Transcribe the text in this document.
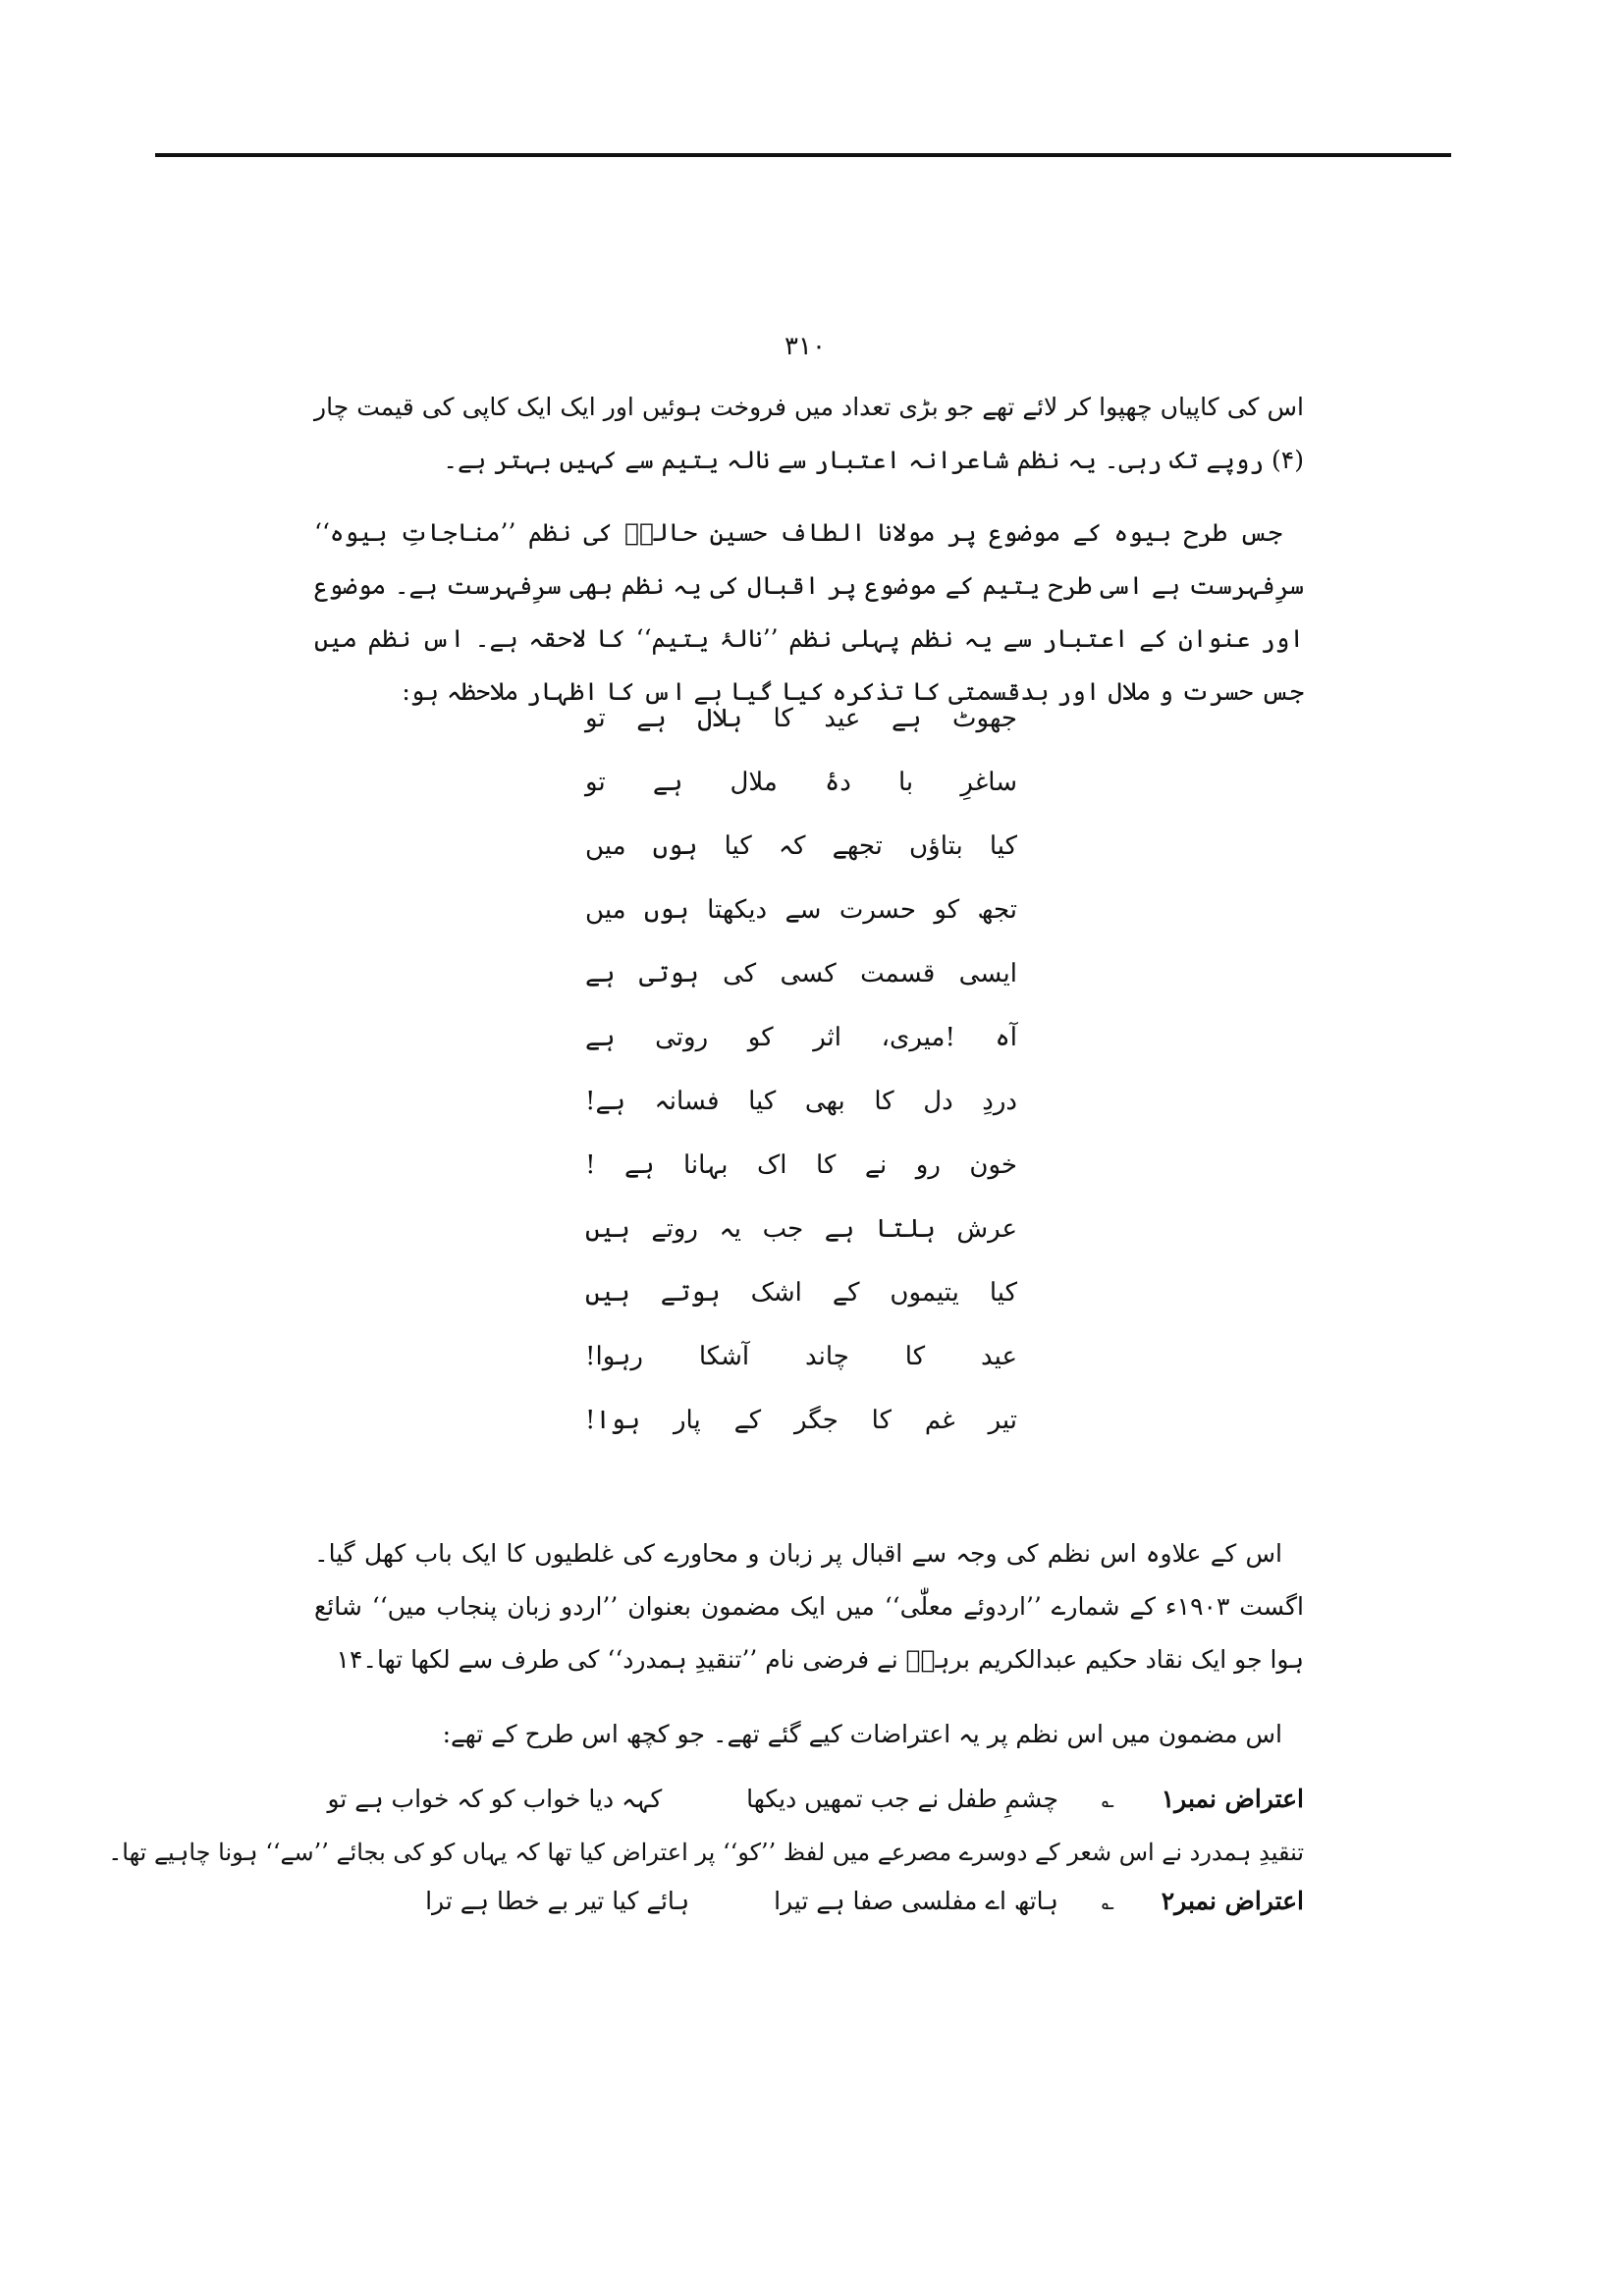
۳۱۰
اس کی کاپیاں چھپوا کر لائے تھے جو بڑی تعداد میں فروخت ہوئیں اور ایک ایک کاپی کی قیمت چار (۴) روپے تک رہی۔ یہ نظم شاعرانہ اعتبار سے نالہ یتیم سے کہیں بہتر ہے۔
جس طرح بیوہ کے موضوع پر مولانا الطاف حسین حالیؔ کی نظم ’’مناجاتِ بیوہ‘‘ سرِفہرست ہے اسی طرح یتیم کے موضوع پر اقبال کی یہ نظم بھی سرِفہرست ہے۔ موضوع اور عنوان کے اعتبار سے یہ نظم پہلی نظم ’’نالۂ یتیم‘‘ کا لاحقہ ہے۔ اس نظم میں جس حسرت و ملال اور بدقسمتی کا تذکرہ کیا گیا ہے اس کا اظہار ملاحظہ ہو:
جھوٹ
ہے
عید
کا
ہلال
ہے
تو
ساغرِ
با
دۂ
ملال
ہے
تو
کیا
بتاؤں
تجھے
کہ
کیا
ہوں
میں
تجھ
کو
حسرت
سے
دیکھتا
ہوں
میں
ایسی
قسمت
کسی
کی
ہوتی
ہے
آہ
!میری،
اثر
کو
روتی
ہے
دردِ
دل
کا
بھی
کیا
فسانہ
ہے!
خون
رو
نے
کا
اک
بہانا
ہے
!
عرش
ہلتا
ہے
جب
یہ
روتے
ہیں
کیا
یتیموں
کے
اشک
ہوتے
ہیں
عید
کا
چاند
آشکا
رہوا!
تیر
غم
کا
جگر
کے
پار
ہوا!
اس کے علاوہ اس نظم کی وجہ سے اقبال پر زبان و محاورے کی غلطیوں کا ایک باب کھل گیا۔ اگست ۱۹۰۳ء کے شمارے ’’اردوئے معلّٰی‘‘ میں ایک مضمون بعنوان ’’اردو زبان پنجاب میں‘‘ شائع ہوا جو ایک نقاد حکیم عبدالکریم برہمؔ نے فرضی نام ’’تنقیدِ ہمدرد‘‘ کی طرف سے لکھا تھا۔۱۴
اس مضمون میں اس نظم پر یہ اعتراضات کیے گئے تھے۔ جو کچھ اس طرح کے تھے:
اعتراض نمبر۱ ؎ چشمِ طفل نے جب تمھیں دیکھا  کہہ دیا خواب کو کہ خواب ہے تو
تنقیدِ ہمدرد نے اس شعر کے دوسرے مصرعے میں لفظ ’’کو‘‘ پر اعتراض کیا تھا کہ یہاں کو کی بجائے ’’سے‘‘ ہونا چاہیے تھا۔
اعتراض نمبر۲ ؎ ہاتھ اے مفلسی صفا ہے تیرا  ہائے کیا تیر بے خطا ہے ترا
